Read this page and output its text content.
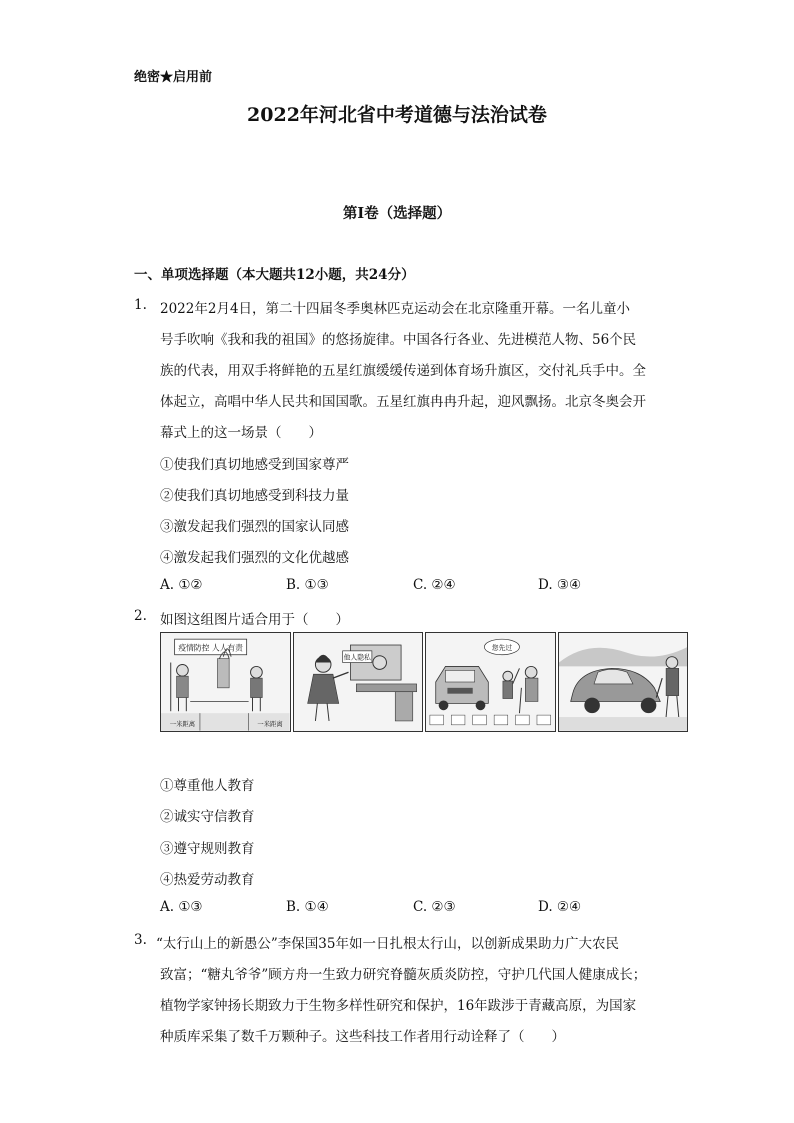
绝密★启用前
2022年河北省中考道德与法治试卷
第I卷（选择题）
一、单项选择题（本大题共12小题，共24分）
1. 2022年2月4日，第二十四届冬季奥林匹克运动会在北京隆重开幕。一名儿童小
号手吹响《我和我的祖国》的悠扬旋律。中国各行各业、先进模范人物、56个民
族的代表，用双手将鲜艳的五星红旗缓缓传递到体育场升旗区，交付礼兵手中。全
体起立，高唱中华人民共和国国歌。五星红旗冉冉升起，迎风飘扬。北京冬奥会开
幕式上的这一场景（　　）
①使我们真切地感受到国家尊严
②使我们真切地感受到科技力量
③激发起我们强烈的国家认同感
④激发起我们强烈的文化优越感
A. ①②	B. ①③	C. ②④	D. ③④
2. 如图这组图片适合用于（　　）
疫情防控 人人有责
一米距离	一米距离
他人隐私
您先过
①尊重他人教育
②诚实守信教育
③遵守规则教育
④热爱劳动教育
A. ①③	B. ①④	C. ②③	D. ②④
3. “太行山上的新愚公”李保国35年如一日扎根太行山，以创新成果助力广大农民
致富；“糖丸爷爷”顾方舟一生致力研究脊髓灰质炎防控，守护几代国人健康成长；
植物学家钟扬长期致力于生物多样性研究和保护，16年跋涉于青藏高原，为国家
种质库采集了数千万颗种子。这些科技工作者用行动诠释了（　　）
